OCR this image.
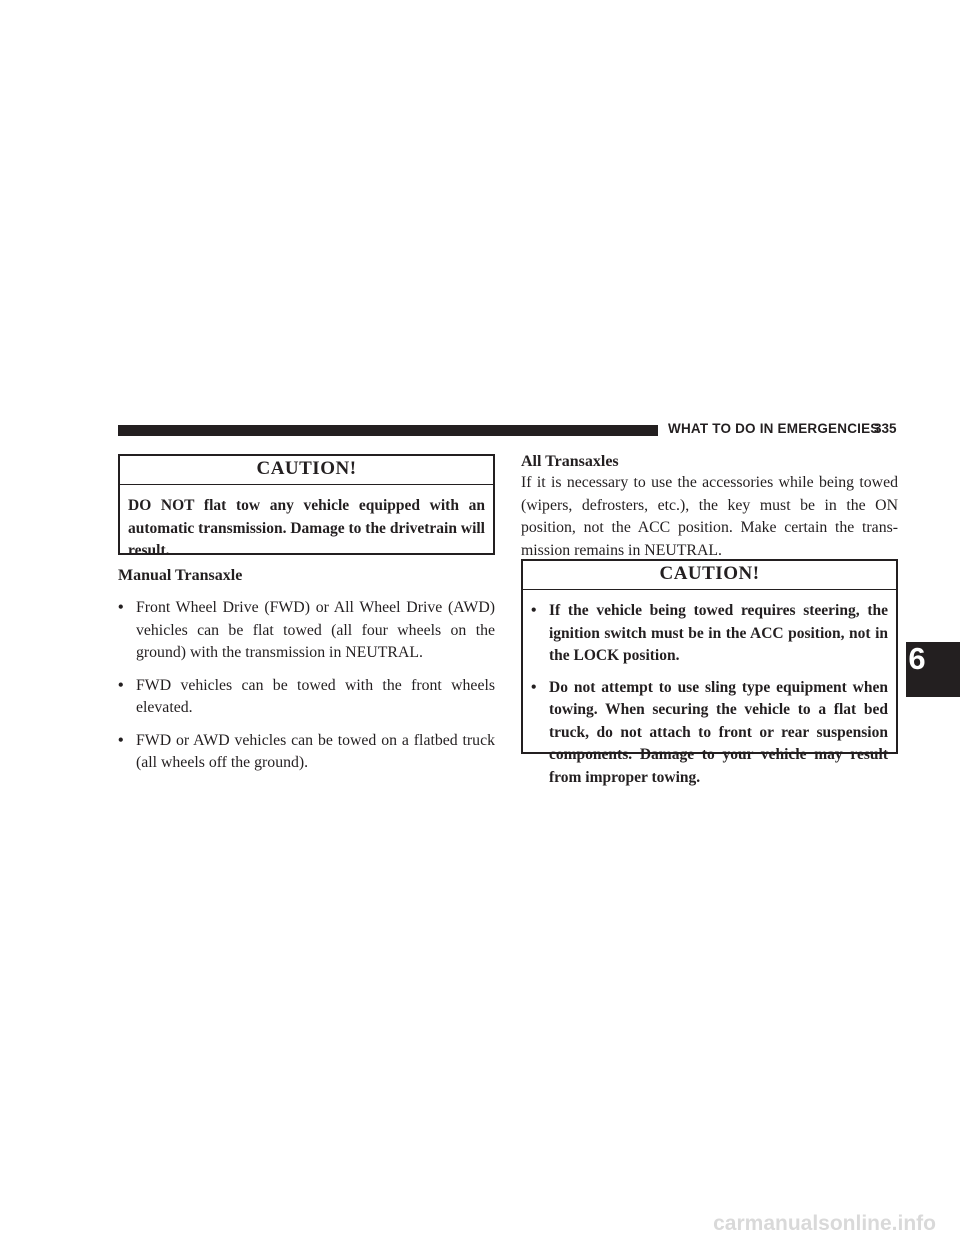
WHAT TO DO IN EMERGENCIES
335
6
CAUTION!
DO NOT flat tow any vehicle equipped with an automatic transmission. Damage to the drivetrain will result.
Manual Transaxle
• Front Wheel Drive (FWD) or All Wheel Drive (AWD) vehicles can be flat towed (all four wheels on the ground) with the transmission in NEUTRAL.
• FWD vehicles can be towed with the front wheels elevated.
• FWD or AWD vehicles can be towed on a flatbed truck (all wheels off the ground).
All Transaxles

If it is necessary to use the accessories while being towed (wipers, defrosters, etc.), the key must be in the ON position, not the ACC position. Make certain the trans-mission remains in NEUTRAL.

CAUTION!
• If the vehicle being towed requires steering, the ignition switch must be in the ACC position, not in the LOCK position.
• Do not attempt to use sling type equipment when towing. When securing the vehicle to a flat bed truck, do not attach to front or rear suspension components. Damage to your vehicle may result from improper towing.
carmanualsonline.info
